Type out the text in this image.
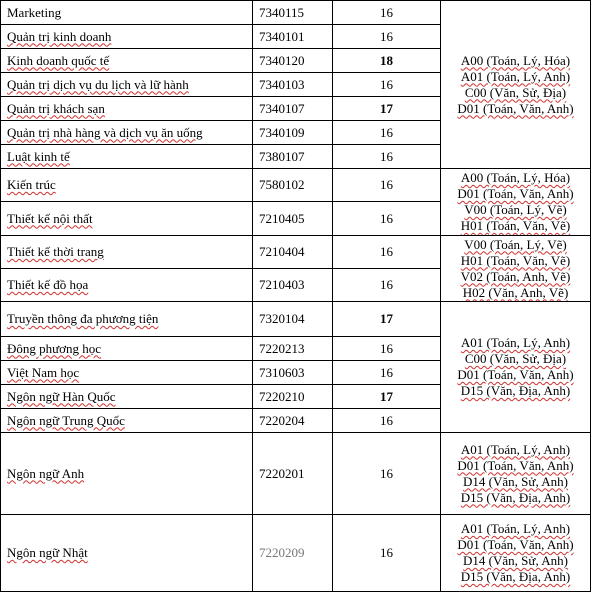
Marketing	7340115	16	A00 (Toán, Lý, Hóa)
A01 (Toán, Lý, Anh)
C00 (Văn, Sử, Địa)
D01 (Toán, Văn, Anh)

Quản trị kinh doanh	7340101	16	
Kinh doanh quốc tế	7340120	18	
Quản trị dịch vụ du lịch và lữ hành	7340103	16	
Quản trị khách sạn	7340107	17	
Quản trị nhà hàng và dịch vụ ăn uống	7340109	16	
Luật kinh tế	7380107	16	
Kiến trúc	7580102	16	A00 (Toán, Lý, Hóa)
D01 (Toán, Văn, Anh)
V00 (Toán, Lý, Vẽ)
H01 (Toán, Văn, Vẽ)

Thiết kế nội thất	7210405	16	
Thiết kế thời trang	7210404	16	V00 (Toán, Lý, Vẽ)
H01 (Toán, Văn, Vẽ)
V02 (Toán, Anh, Vẽ)
H02 (Văn, Anh, Vẽ)

Thiết kế đồ họa	7210403	16	
Truyền thông đa phương tiện	7320104	17	A01 (Toán, Lý, Anh)
C00 (Văn, Sử, Địa)
D01 (Toán, Văn, Anh)
D15 (Văn, Địa, Anh)

Đông phương học	7220213	16	
Việt Nam học	7310603	16	
Ngôn ngữ Hàn Quốc	7220210	17	
Ngôn ngữ Trung Quốc	7220204	16	
Ngôn ngữ Anh	7220201	16	A01 (Toán, Lý, Anh)
D01 (Toán, Văn, Anh)
D14 (Văn, Sử, Anh)
D15 (Văn, Địa, Anh)

Ngôn ngữ Nhật	7220209	16	A01 (Toán, Lý, Anh)
D01 (Toán, Văn, Anh)
D14 (Văn, Sử, Anh)
D15 (Văn, Địa, Anh)
